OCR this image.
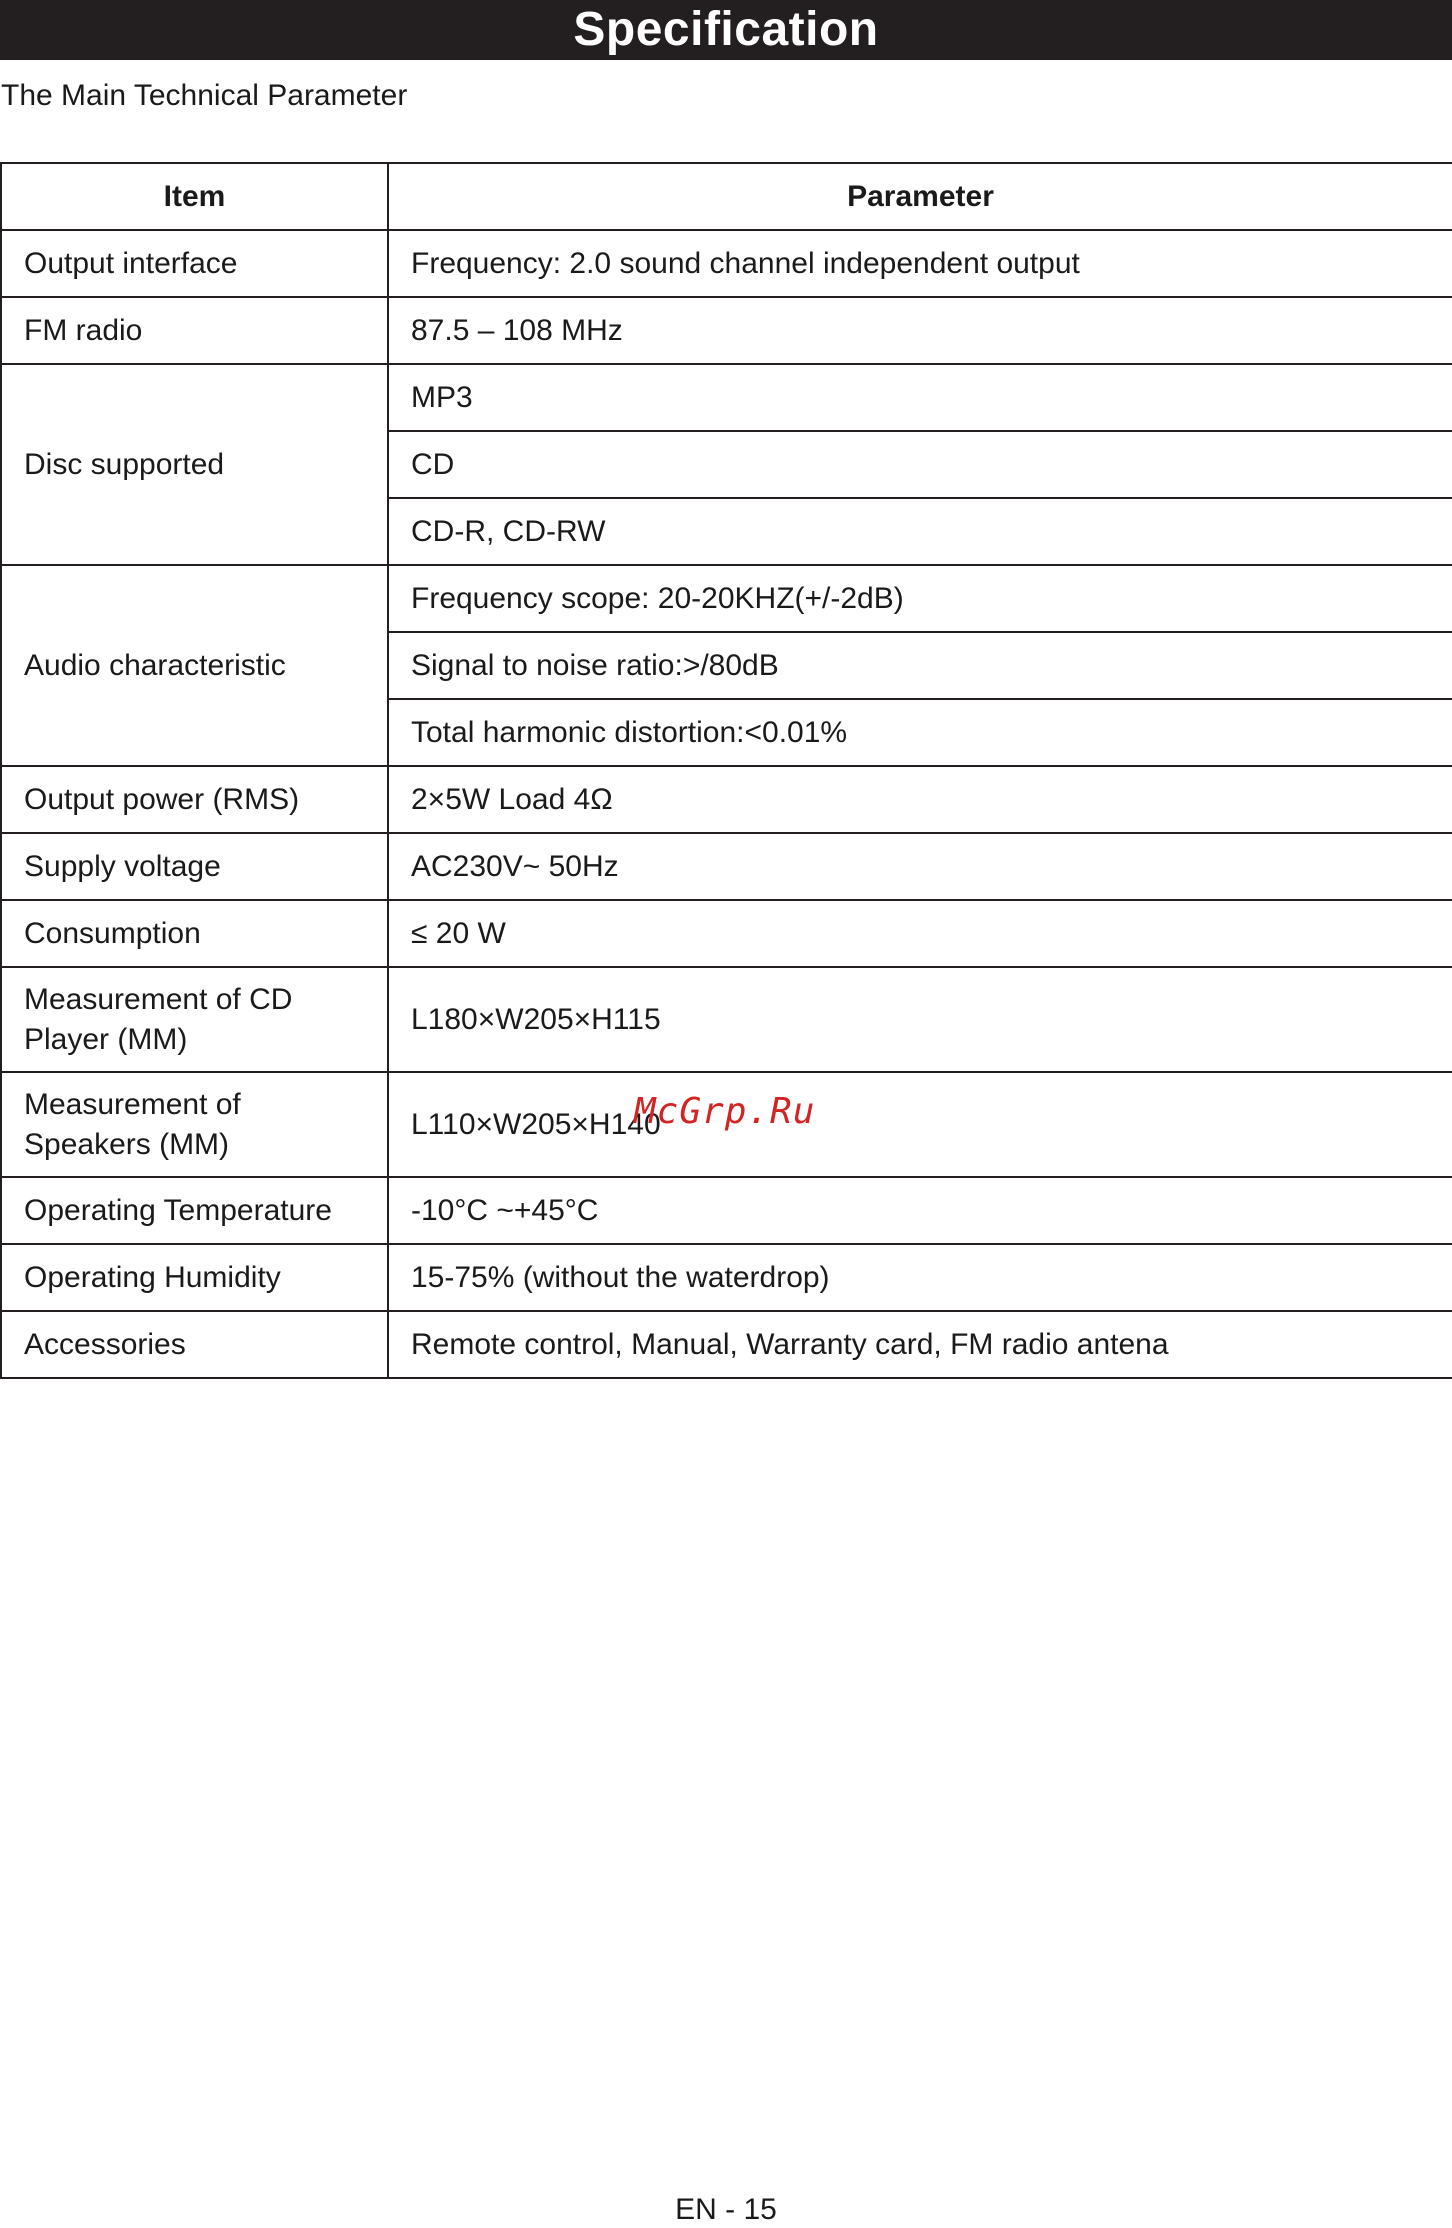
Specification
The Main Technical Parameter
Item	Parameter
Output interface	Frequency: 2.0 sound channel independent output
FM radio	87.5 – 108 MHz
Disc supported	MP3
	CD
	CD-R, CD-RW
Audio characteristic	Frequency scope: 20-20KHZ(+/-2dB)
	Signal to noise ratio:>/80dB
	Total harmonic distortion:<0.01%
Output power (RMS)	2×5W Load 4Ω
Supply voltage	AC230V~ 50Hz
Consumption	≤ 20 W
Measurement of CD Player (MM)	L180×W205×H115
Measurement of Speakers (MM)	L110×W205×H140
Operating Temperature	-10°C ~+45°C
Operating Humidity	15-75% (without the waterdrop)
Accessories	Remote control, Manual, Warranty card, FM radio antena
McGrp.Ru
EN - 15
